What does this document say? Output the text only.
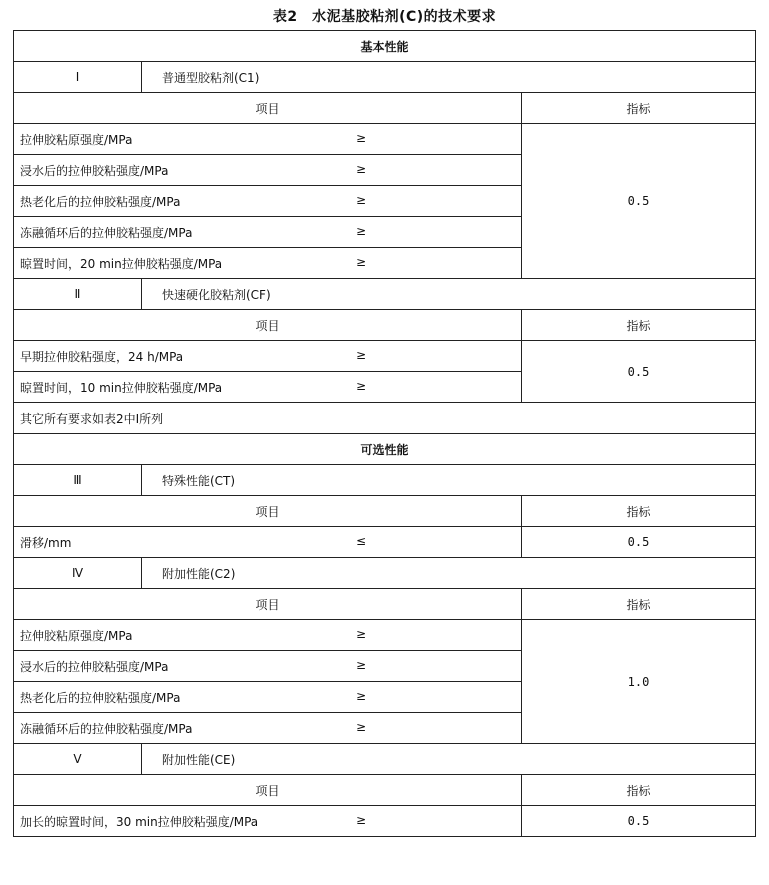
表2　水泥基胶粘剂(C)的技术要求
基本性能		
Ⅰ	普通型胶粘剂(C1)	
项目		指标
拉伸胶粘原强度/MPa ≥		0.5
浸水后的拉伸胶粘强度/MPa ≥		

热老化后的拉伸胶粘强度/MPa ≥		

冻融循环后的拉伸胶粘强度/MPa ≥		

晾置时间，20 min拉伸胶粘强度/MPa ≥		

Ⅱ	快速硬化胶粘剂(CF)	
项目		指标
早期拉伸胶粘强度，24 h/MPa ≥		0.5
晾置时间，10 min拉伸胶粘强度/MPa ≥		

其它所有要求如表2中Ⅰ所列		
可选性能		
Ⅲ	特殊性能(CT)	
项目		指标
滑移/mm ≤		0.5
Ⅳ	附加性能(C2)	
项目		指标
拉伸胶粘原强度/MPa ≥		1.0
浸水后的拉伸胶粘强度/MPa ≥		

热老化后的拉伸胶粘强度/MPa ≥		

冻融循环后的拉伸胶粘强度/MPa ≥		

Ⅴ	附加性能(CE)	
项目		指标
加长的晾置时间，30 min拉伸胶粘强度/MPa ≥		0.5
